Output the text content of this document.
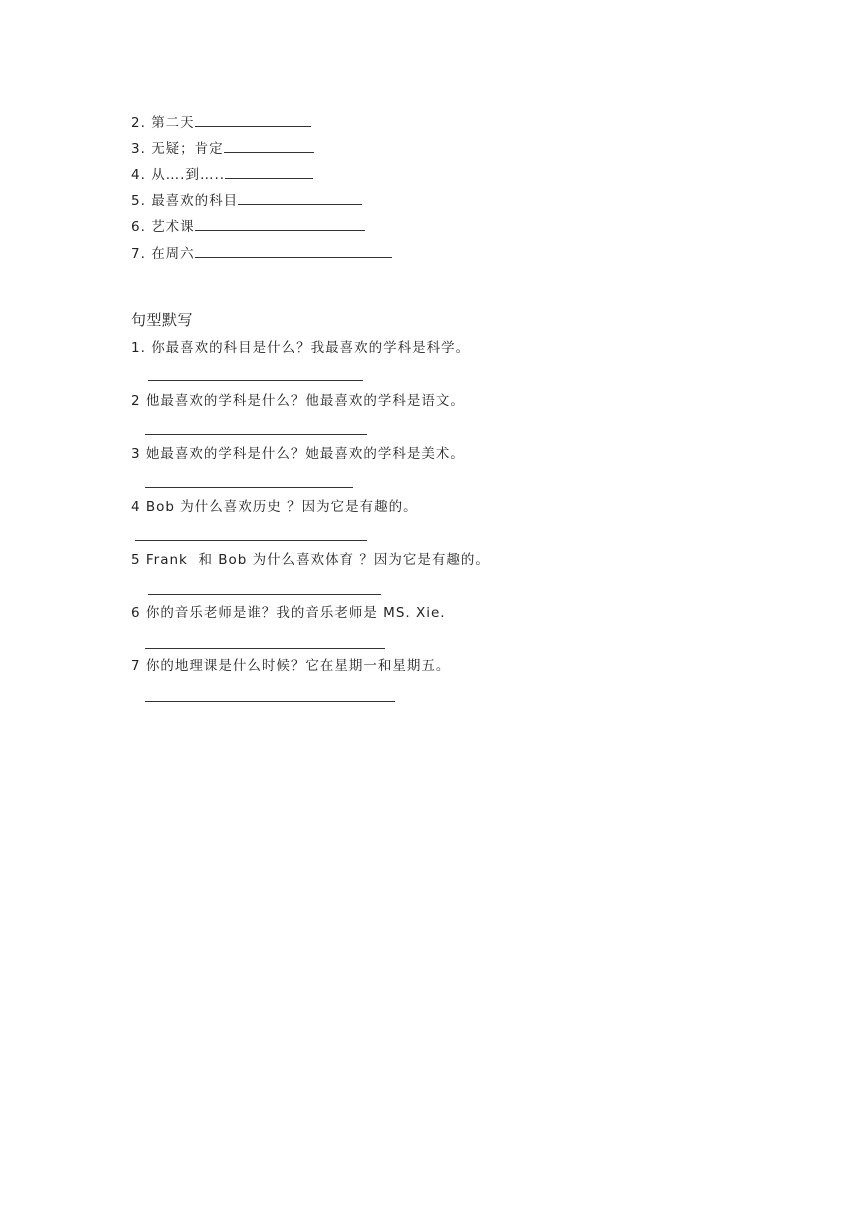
2. 第二天
3. 无疑；肯定
4. 从….到…..
5. 最喜欢的科目
6. 艺术课
7. 在周六
句型默写
1. 你最喜欢的科目是什么？我最喜欢的学科是科学。
2 他最喜欢的学科是什么？他最喜欢的学科是语文。
3 她最喜欢的学科是什么？她最喜欢的学科是美术。
4 Bob 为什么喜欢历史 ？因为它是有趣的。
5 Frank  和 Bob 为什么喜欢体育 ？因为它是有趣的。
6 你的音乐老师是谁？我的音乐老师是 MS. Xie.
7 你的地理课是什么时候？它在星期一和星期五。
